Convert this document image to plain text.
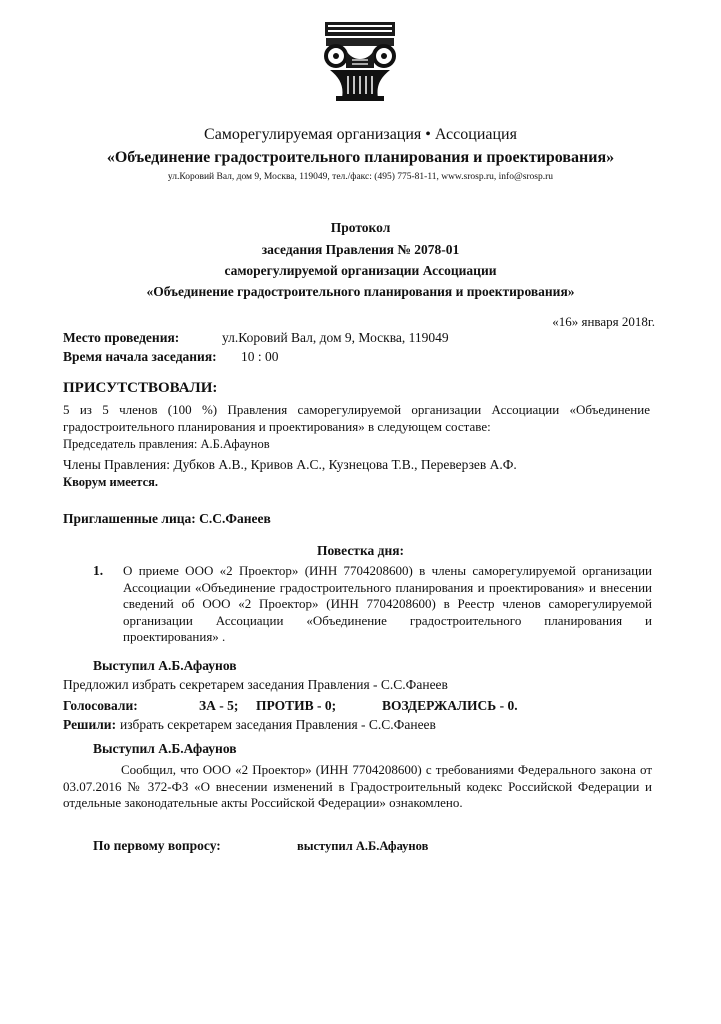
Саморегулируемая организация • Ассоциация
«Объединение градостроительного планирования и проектирования»
ул.Коровий Вал, дом 9, Москва, 119049, тел./факс: (495) 775-81-11, www.srosp.ru, info@srosp.ru
Протокол
заседания Правления № 2078-01
саморегулируемой организации Ассоциации
«Объединение градостроительного планирования и проектирования»
«16» января 2018г.
Место проведения:	ул.Коровий Вал, дом 9, Москва, 119049
Время начала заседания: 10 : 00
ПРИСУТСТВОВАЛИ:
5 из 5 членов (100 %) Правления саморегулируемой организации Ассоциации «Объединение градостроительного планирования и проектирования» в следующем составе:
Председатель правления: А.Б.Афаунов
Члены Правления: Дубков А.В., Кривов А.С., Кузнецова Т.В., Переверзев А.Ф.
Кворум имеется.
Приглашенные лица: С.С.Фанеев
Повестка дня:
1. О приеме ООО «2 Проектор» (ИНН 7704208600) в члены саморегулируемой организации Ассоциации «Объединение градостроительного планирования и проектирования» и внесении сведений об ООО «2 Проектор» (ИНН 7704208600) в Реестр членов саморегулируемой организации Ассоциации «Объединение градостроительного планирования и проектирования» .
Выступил А.Б.Афаунов
Предложил избрать секретарем заседания Правления - С.С.Фанеев
Голосовали:	ЗА - 5; ПРОТИВ - 0;	ВОЗДЕРЖАЛИСЬ - 0.
Решили: избрать секретарем заседания Правления - С.С.Фанеев
Выступил А.Б.Афаунов
Сообщил, что ООО «2 Проектор» (ИНН 7704208600) с требованиями Федерального закона от 03.07.2016 № 372-ФЗ «О внесении изменений в Градостроительный кодекс Российской Федерации и отдельные законодательные акты Российской Федерации» ознакомлено.
По первому вопросу:	выступил А.Б.Афаунов
